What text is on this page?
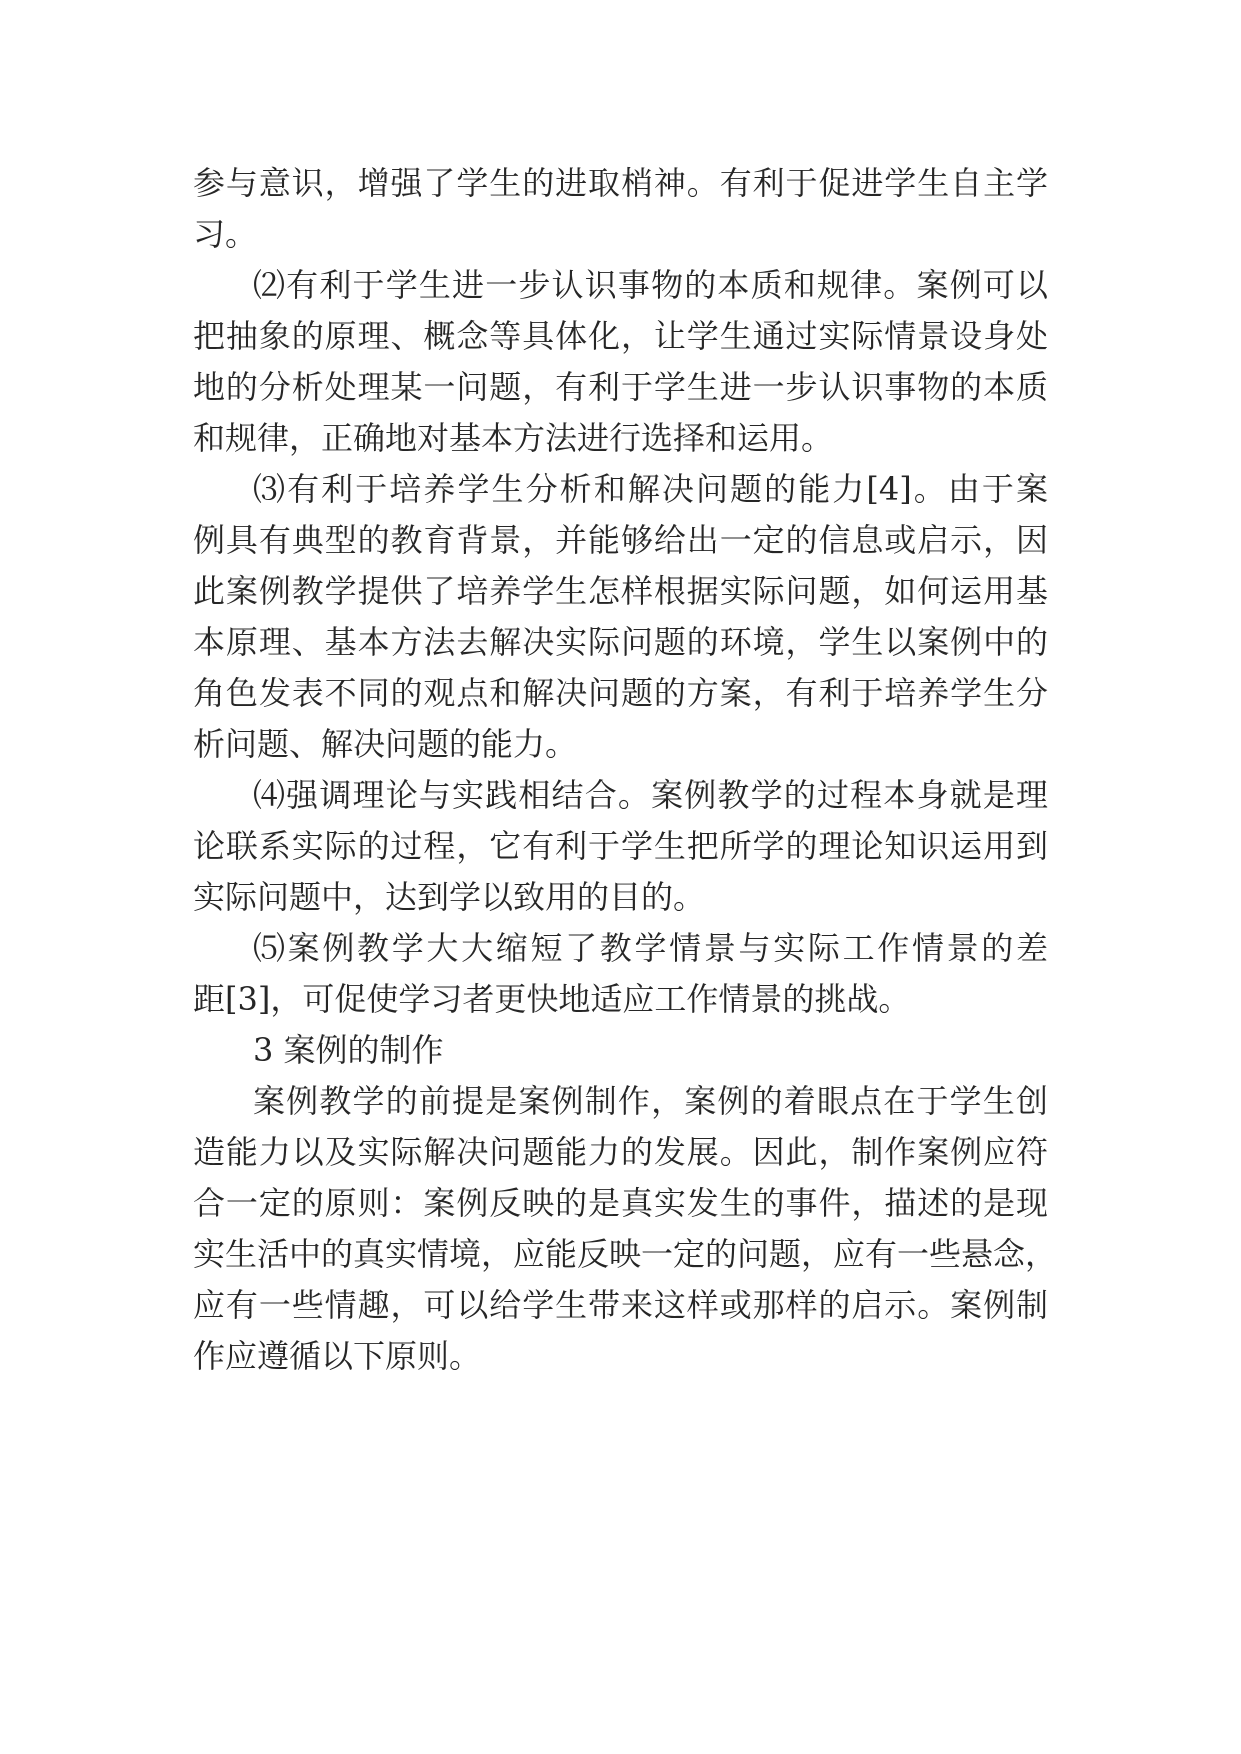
参与意识，增强了学生的进取梢神。有利于促进学生自主学
习。
⑵有利于学生进一步认识事物的本质和规律。案例可以
把抽象的原理、概念等具体化，让学生通过实际情景设身处
地的分析处理某一问题，有利于学生进一步认识事物的本质
和规律，正确地对基本方法进行选择和运用。
⑶有利于培养学生分析和解决问题的能力[4]。由于案
例具有典型的教育背景，并能够给出一定的信息或启示，因
此案例教学提供了培养学生怎样根据实际问题，如何运用基
本原理、基本方法去解决实际问题的环境，学生以案例中的
角色发表不同的观点和解决问题的方案，有利于培养学生分
析问题、解决问题的能力。
⑷强调理论与实践相结合。案例教学的过程本身就是理
论联系实际的过程，它有利于学生把所学的理论知识运用到
实际问题中，达到学以致用的目的。
⑸案例教学大大缩短了教学情景与实际工作情景的差
距[3]，可促使学习者更快地适应工作情景的挑战。
3 案例的制作
案例教学的前提是案例制作，案例的着眼点在于学生创
造能力以及实际解决问题能力的发展。因此，制作案例应符
合一定的原则：案例反映的是真实发生的事件，描述的是现
实生活中的真实情境，应能反映一定的问题，应有一些悬念，
应有一些情趣，可以给学生带来这样或那样的启示。案例制
作应遵循以下原则。
